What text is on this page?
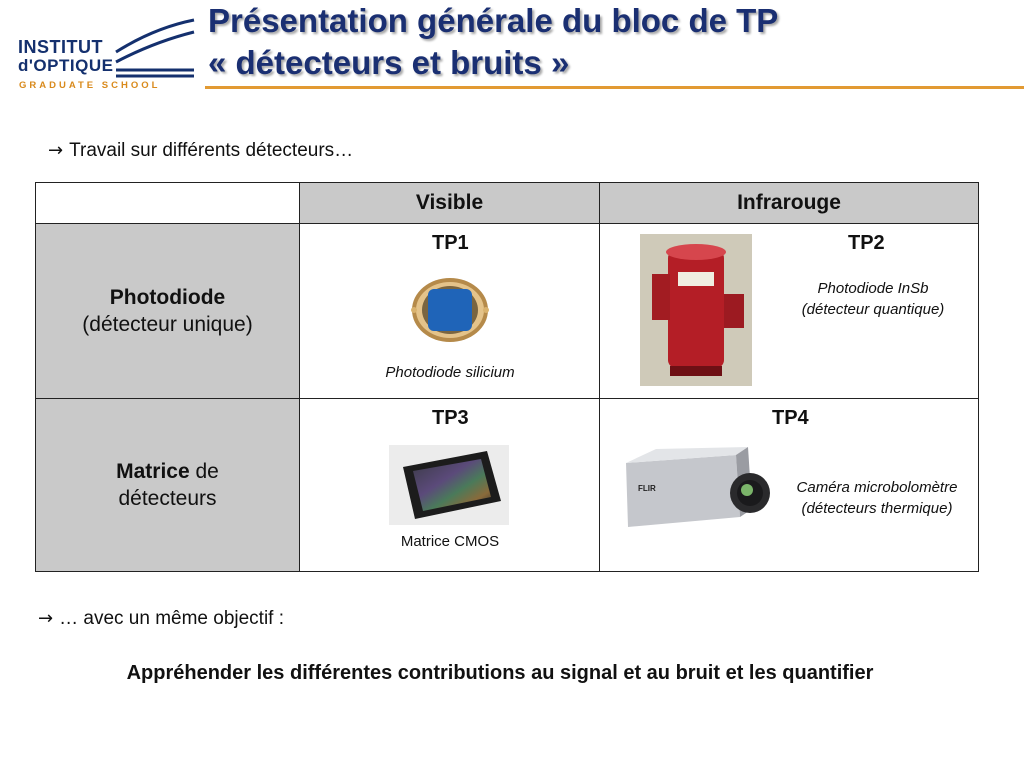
INSTITUT
d'OPTIQUE
GRADUATE SCHOOL
Présentation générale du bloc de TP
« détecteurs et bruits »
→ Travail sur différents détecteurs…
Visible	Infrarouge
Photodiode
(détecteur unique)
TP1
Photodiode silicium
TP2
Photodiode InSb
(détecteur quantique)
Matrice de
détecteurs
TP3
Matrice CMOS
TP4
FLIR	Caméra microbolomètre
(détecteurs thermique)
→ … avec un même objectif :
Appréhender les différentes contributions au signal et au bruit et les quantifier
